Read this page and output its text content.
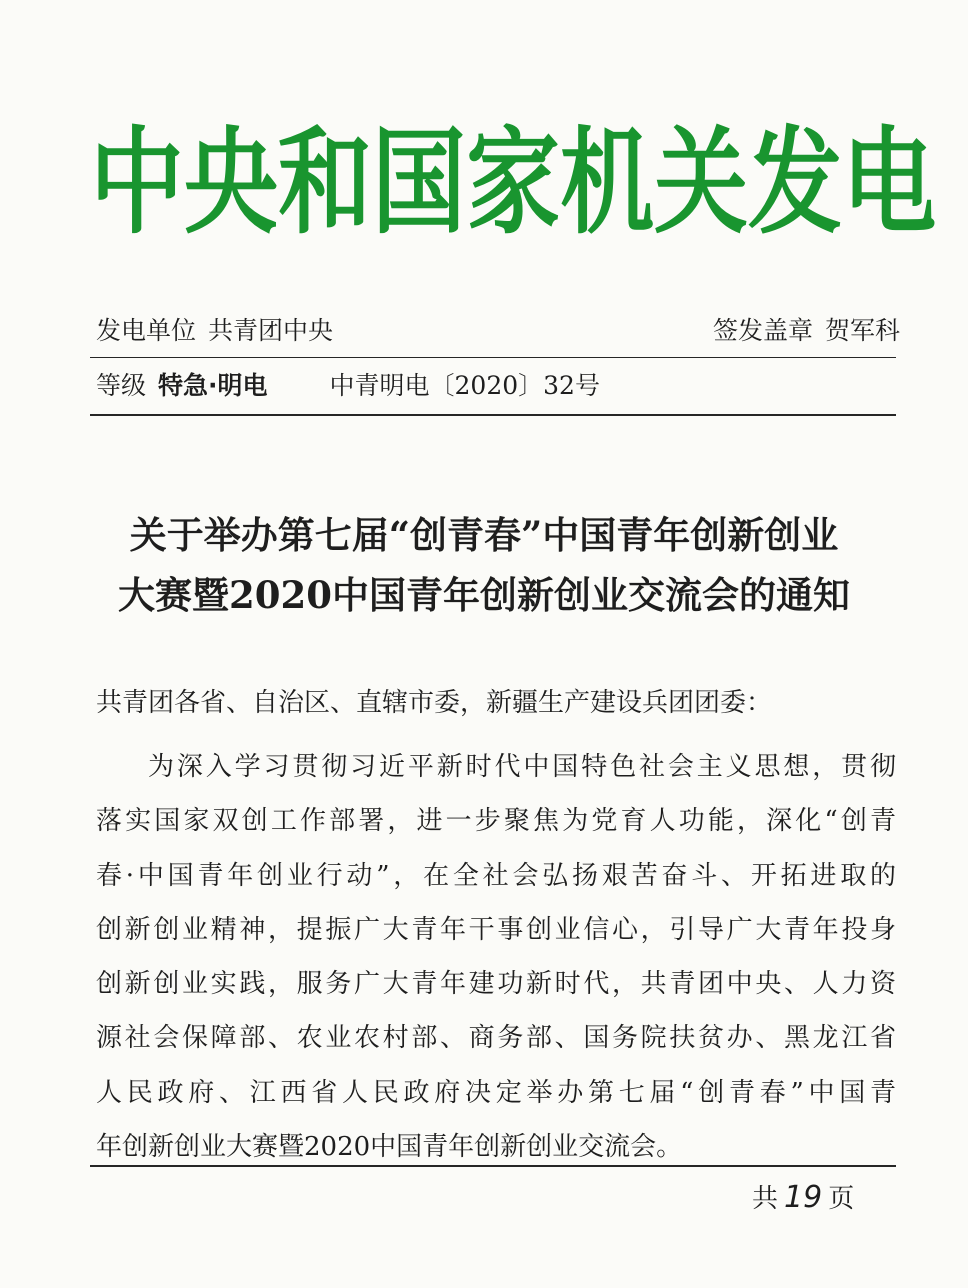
中 央 和 国 家 机 关 发 电
发电单位 共青团中央	签发盖章 贺军科
等级 特急·明电 中青明电〔2020〕32号
关于举办第七届“创青春”中国青年创新创业
大赛暨2020中国青年创新创业交流会的通知
共青团各省、自治区、直辖市委，新疆生产建设兵团团委：
为深入学习贯彻习近平新时代中国特色社会主义思想，贯彻
落实国家双创工作部署，进一步聚焦为党育人功能，深化“创青
春·中国青年创业行动”，在全社会弘扬艰苦奋斗、开拓进取的
创新创业精神，提振广大青年干事创业信心，引导广大青年投身
创新创业实践，服务广大青年建功新时代，共青团中央、人力资
源社会保障部、农业农村部、商务部、国务院扶贫办、黑龙江省
人民政府、江西省人民政府决定举办第七届“创青春”中国青
年创新创业大赛暨2020中国青年创新创业交流会。
共 19 页
